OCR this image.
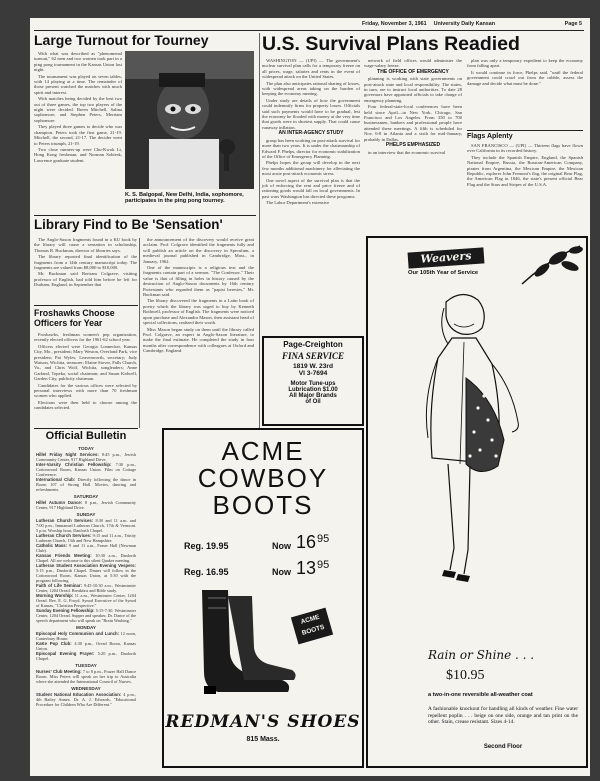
Friday, November 3, 1961 University Daily Kansan	Page 5
Large Turnout for Tourney

With what was described as "phenomenal turnout," 62 men and two women took part in a ping pong tournament in the Kansas Union last night.

The tournament was played on seven tables, with 14 playing at a time. The remainder of those present watched the matches with much spirit and interest.

With matches being decided by the best two out of three games, the top two players of the night were decided. Breen Mitchell, Salina sophomore, and Stephen Peters, Merriam sophomore.

They played three games to decide who was champion. Peters took the first game, 21-19. Mitchell, the second, 21-17. The decider went to Peters triumph, 21-19.

Two close runners-up were Chu-Kwok Li, Hong Kong freshman, and Norman Sobiesk, Lawrence graduate student.

K. S. Balgopal, New Delhi, India, sophomore, participates in the ping pong tourney.
Library Find to Be 'Sensation'

The Anglo-Saxon fragments found in a KU book by the library will cause a sensation in scholarship, Thomas R. Buckman, director of libraries says.

The library reported final identification of the fragments from a 14th century manuscript today. The fragments are valued from $8,000 to $10,000.

Mr. Buckman said Bertram Colgrave, visiting professor of English, had told him before he left for Durham, England, in September that

the announcement of the discovery would receive great acclaim. Prof. Colgrave identified the fragments fully and will publish an article on the discovery in Speculum, a medieval journal published in Cambridge, Mass., in January, 1962.

One of the manuscripts is a religious text and the fragments contain part of a sermon. "The Confessor." Their value is that of filling in holes in history caused by the destruction of Anglo-Saxon documents by 16th century Protestants who regarded them as "papist heresies," Mr. Buckman said.

The library discovered the fragments in a Latin book of poetry which the library was urged to buy by Kenneth Bothwell, professor of English. The fragments were noticed upon purchase and Alexandra Mason, then assistant head of special collections, realized their worth.

Miss Mason began study on them until the library called Prof. Colgrave, an expert in Anglo-Saxon literature, to make the final estimate. He completed the study in four months after correspondence with colleagues at Oxford and Cambridge, England.

Froshawks Choose Officers for Year

Froshawks, freshman women's pep organization, recently elected officers for the 1961-62 school year.

Officers elected were Georgia Lonnecker, Kansas City, Mo., president; Mary Weston, Overland Park, vice president; Pat Wyles, Leavenworth, secretary; Judy Watson, Wichita, treasurer; Elaine Stover, Falls Church, Va., and Chris Wolf, Wichita, songleaders; Anne Garland, Topeka, social chairman; and Susan Kidwell, Garden City, publicity chairman.

Candidates for the various offices were selected by personal interviews with more than 70 freshman women who applied.

Elections were then held to choose among the candidates selected.

Official Bulletin
TODAY
Hillel Friday Night Services: 8:45 p.m., Jewish Community Center, 917 Highland Drive.
Inter-Varsity Christian Fellowship: 7:30 p.m., Cottonwood Room, Kansas Union. Film on Cottage Conference.
International Club: Directly following the dance in Room 107 of Strong Hall. Movies, dancing and refreshments.
SATURDAY
Hillel Autumn Dance: 8 p.m., Jewish Community Center, 917 Highland Drive.
SUNDAY
Lutheran Church Services: 8:30 and 11 a.m. and 7:00 p.m., Immanuel Lutheran Church, 17th & Vermont. 5 p.m. Worship hour, Danforth Chapel.
Lutheran Church Services: 9:15 and 11 a.m., Trinity Lutheran Church, 13th and New Hampshire.
Catholic Mass: 9 and 11 a.m., Fraser Hall (Newman Club).
Kansas Friends Meeting: 10:30 a.m., Danforth Chapel. All are welcome to this silent Quaker meeting.
Lutheran Student Association Evening Vespers: 5:15 p.m., Danforth Chapel. Dinner will follow in the Cottonwood Room, Kansas Union, at 5:30 with the program following.
Faith of Life Seminar: 9:45-10:30 a.m., Westminster Center, 1204 Oread. Breakfast and Bible study.
Morning Worship: 11 a.m., Westminster Center, 1204 Oread. Rev. E. G. Froyd, Synod Executive of the Synod of Kansas, "Christian Perspective."
Sunday Evening Fellowship: 5:15-7:30, Westminster Center, 1204 Oread. Supper and speaker, Dr. Dance of the speech department who will speak on "Brain Washing."
MONDAY
Episcopal Holy Communion and Lunch: 12 noon, Canterbury House.
KaKe Pop Club: 4:30 p.m., Oread Room, Kansas Union.
Episcopal Evening Prayer: 5:20 p.m., Danforth Chapel.
TUESDAY
Nurses' Club Meeting: 7 to 8 p.m., Frazer Hall Dance Room. Miss Peters will speak on her trip to Australia where she attended the International Council of Nurses.
WEDNESDAY
Student National Education Association: 4 p.m., 4th Bailey Annex. Dr. A. J. Edwards, "Educational Procedure for Children Who Are Different."
U.S. Survival Plans Readied

WASHINGTON — (UPI) — The government's nuclear survival plan calls for a temporary freeze on all prices, wage, salaries and rents in the event of widespread attack on the United States.

The plan also anticipates rational sharing of losses, with widespread areas taking on the burden of keeping the economy running.

Under study are details of how the government could indemnify firms for property losses. Officials said such payments would have to be gradual, lest the economy be flooded with money at the very time that goods were in shortest supply. That could cause runaway inflation.

AN INTER-AGENCY STUDY

group has been working on post-attack survival for more than two years. It is under the chairmanship of Edward F. Phelps, director for economic stabilization of the Office of Emergency Planning.

Phelps hopes the group will develop in the next few months additional machinery for alleviating the most acute post-attack economic stress.

One novel aspect of the survival plan is that the job of enforcing the rent and price freeze and of rationing goods would fall on local governments. In past wars Washington has directed these programs.

The Labor Department's extensive

network of field offices would administer the wage-salary freeze.

THE OFFICE OF EMERGENCY

planning is working with state governments on post-attack state and local responsibility. The states, in turn, are to instruct local authorities. To date 28 governors have appointed officials to take charge of emergency planning.

Four federal-state-local conferences have been held since April—in New York, Chicago, San Francisco and Los Angeles. From 350 to 700 businessmen, bankers and professional people have attended these meetings. A fifth is scheduled for Nov. 6-8 in Atlanta and a sixth for mid-January, probably in Dallas.

PHELPS EMPHASIZED

in an interview that the economic survival

plan was only a temporary expedient to keep the economy from falling apart.

It would continue in force, Phelps said, "until the federal government could crawl out from the rubble, assess the damage and decide what must be done."

Flags Aplenty

SAN FRANCISCO — (UPI) — Thirteen flags have flown over California in its recorded history.

They include the Spanish Empire, England, the Spanish National Empire, Russia, the Russian-American Company, pirates from Argentina, the Mexican Empire, the Mexican Republic, explorer John Fremont's flag, the original Bear Flag, the American Flag in 1846, the state's present official Bear Flag and the Stars and Stripes of the U.S.A.

Page-Creighton
FINA SERVICE
1819 W. 23rd
VI 3-7694
Motor Tune-ups
Lubrication $1.00
All Major Brands
of Oil
ACME
COWBOY
BOOTS
Reg. 19.95	Now 16 95
Reg. 16.95	Now 13 95
ACME
BOOTS
REDMAN'S SHOES
815 Mass.
Weavers
Our 105th Year of Service
Rain or Shine . . .
$10.95
a two-in-one reversible all-weather coat
A fashionable knockout for handling all kinds of weather. Fine water repellent poplin . . . beige on one side, orange and tan print on the other. Stain, crease resistant. Sizes 4-14.
Second Floor
